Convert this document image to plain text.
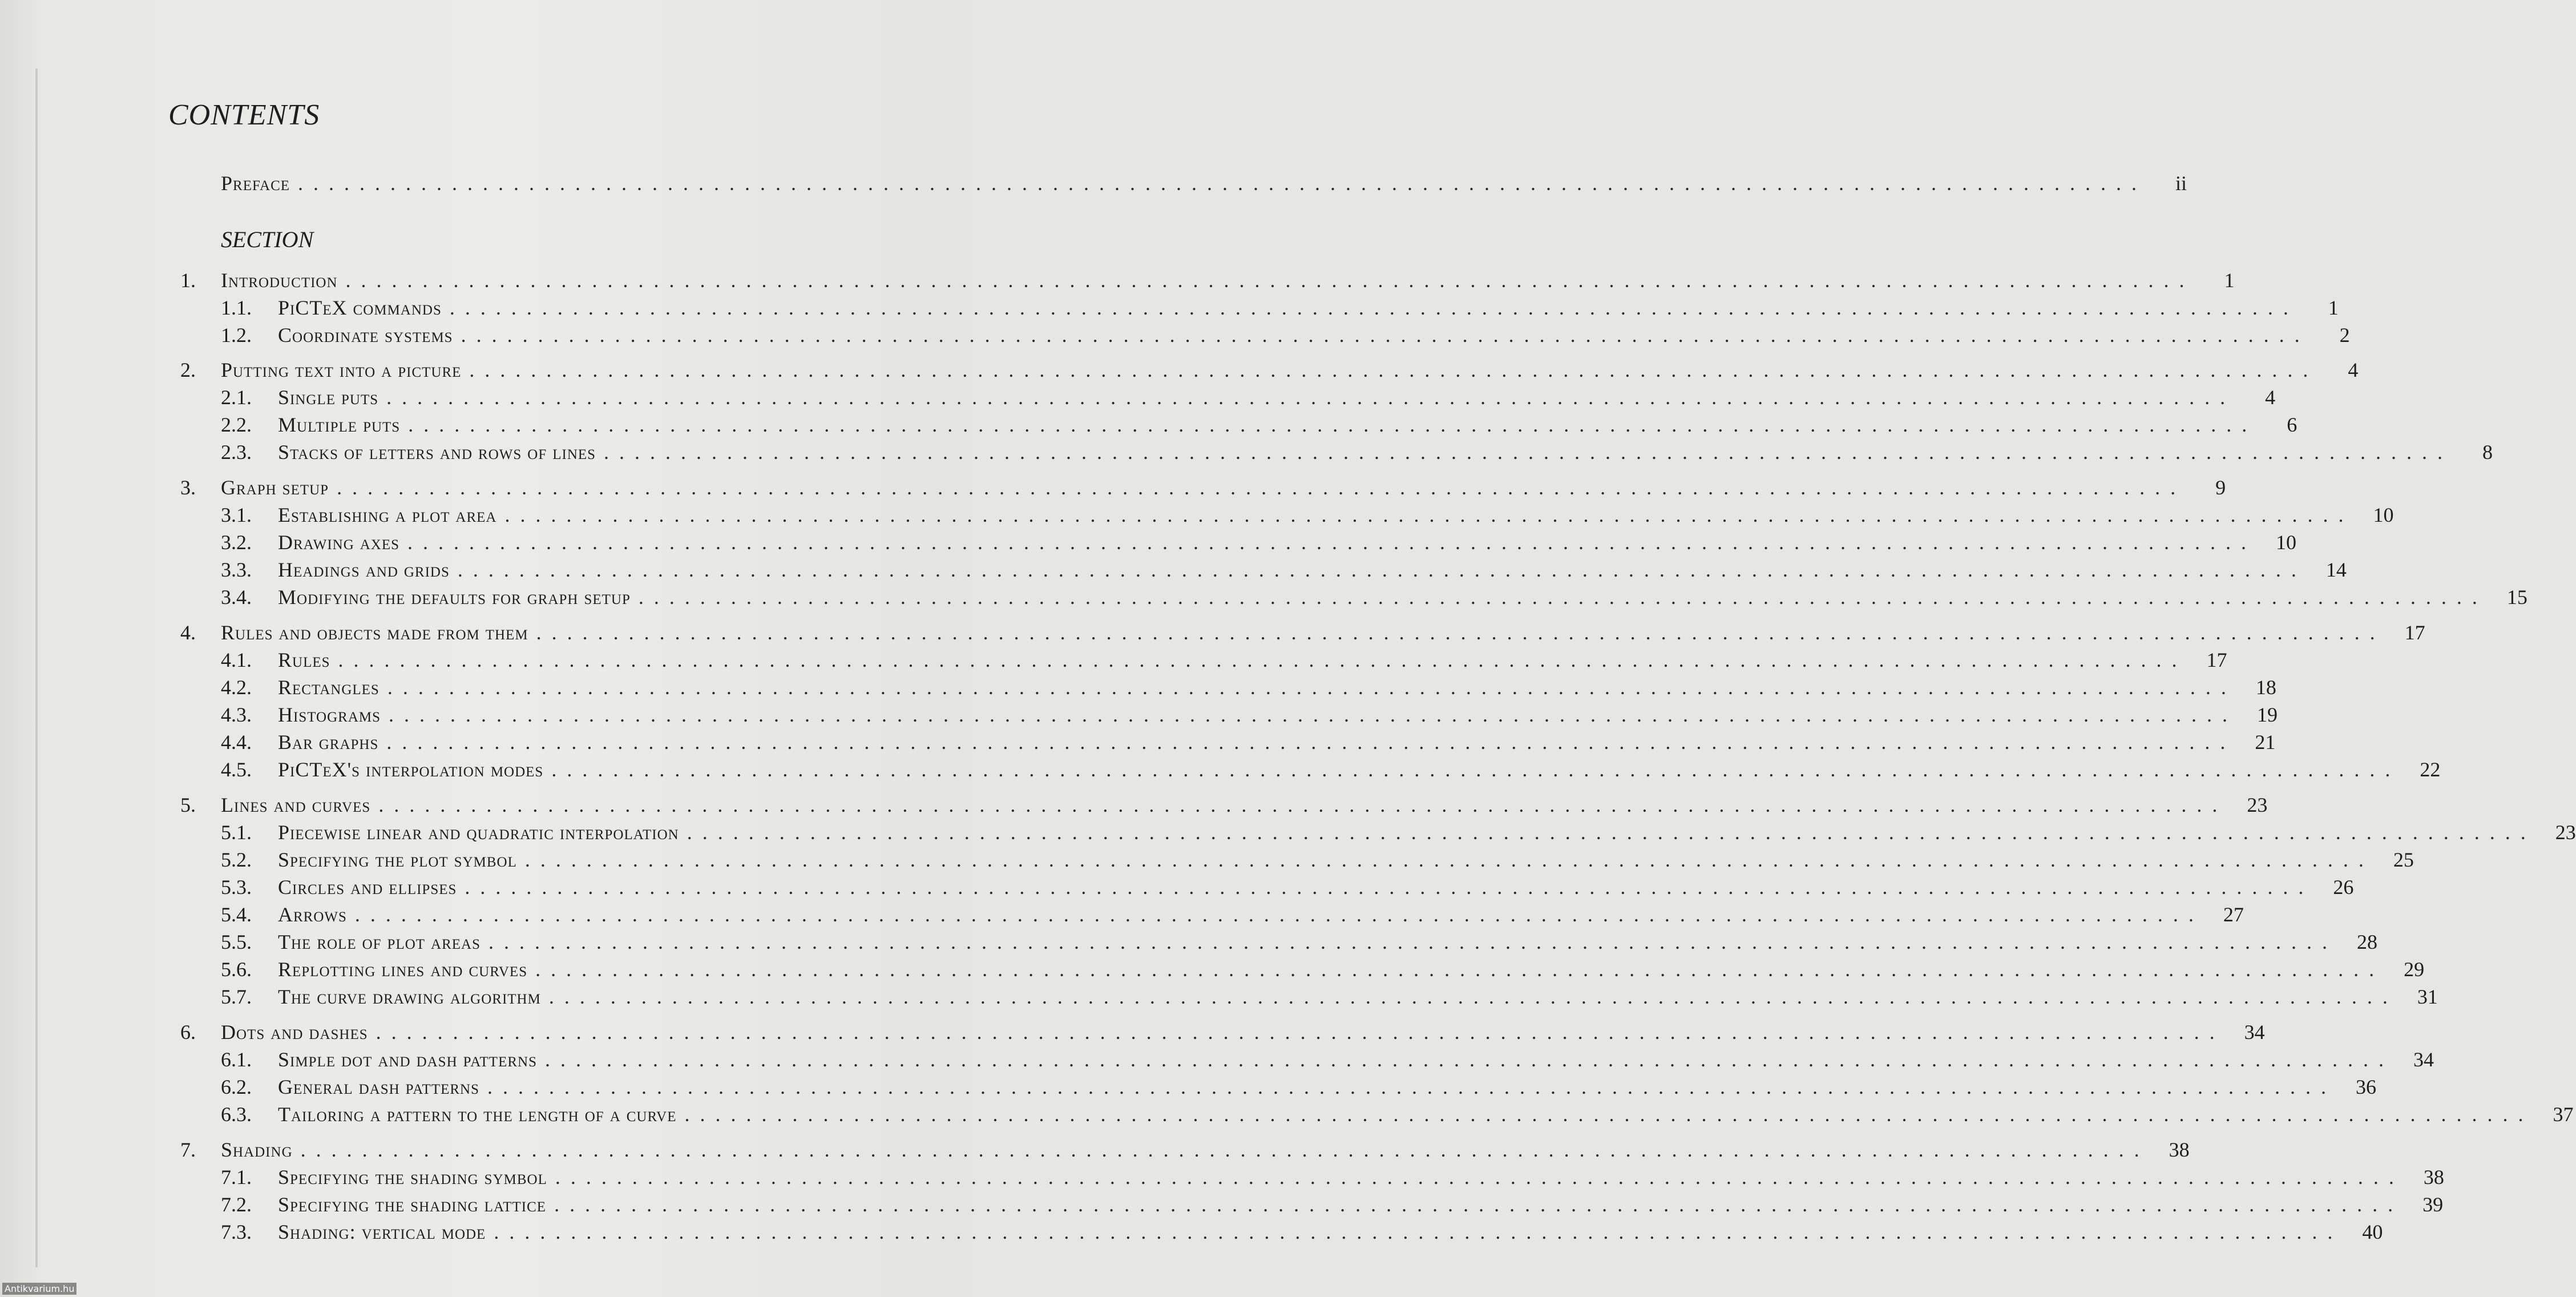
CONTENTS
Preface ........................................................................................................................	ii
SECTION
1.	Introduction ........................................................................................................................	1
1.1.	PiCTeX commands ........................................................................................................................	1
1.2.	Coordinate systems ........................................................................................................................	2
2.	Putting text into a picture ........................................................................................................................	4
2.1.	Single puts ........................................................................................................................	4
2.2.	Multiple puts ........................................................................................................................	6
2.3.	Stacks of letters and rows of lines ........................................................................................................................	8
3.	Graph setup ........................................................................................................................	9
3.1.	Establishing a plot area ........................................................................................................................ 10
3.2.	Drawing axes ........................................................................................................................ 10
3.3.	Headings and grids ........................................................................................................................ 14
3.4.	Modifying the defaults for graph setup ........................................................................................................................ 15
4.	Rules and objects made from them ........................................................................................................................ 17
4.1.	Rules ........................................................................................................................ 17
4.2.	Rectangles ........................................................................................................................ 18
4.3.	Histograms ........................................................................................................................ 19
4.4.	Bar graphs ........................................................................................................................ 21
4.5.	PiCTeX's interpolation modes ........................................................................................................................ 22
5.	Lines and curves ........................................................................................................................ 23
5.1.	Piecewise linear and quadratic interpolation ........................................................................................................................ 23
5.2.	Specifying the plot symbol ........................................................................................................................ 25
5.3.	Circles and ellipses ........................................................................................................................ 26
5.4.	Arrows ........................................................................................................................ 27
5.5.	The role of plot areas ........................................................................................................................ 28
5.6.	Replotting lines and curves ........................................................................................................................ 29
5.7.	The curve drawing algorithm ........................................................................................................................ 31
6.	Dots and dashes ........................................................................................................................ 34
6.1.	Simple dot and dash patterns ........................................................................................................................ 34
6.2.	General dash patterns ........................................................................................................................ 36
6.3.	Tailoring a pattern to the length of a curve ........................................................................................................................ 37
7.	Shading ........................................................................................................................ 38
7.1.	Specifying the shading symbol ........................................................................................................................ 38
7.2.	Specifying the shading lattice ........................................................................................................................ 39
7.3.	Shading: vertical mode ........................................................................................................................ 40
Antikvarium.hu
